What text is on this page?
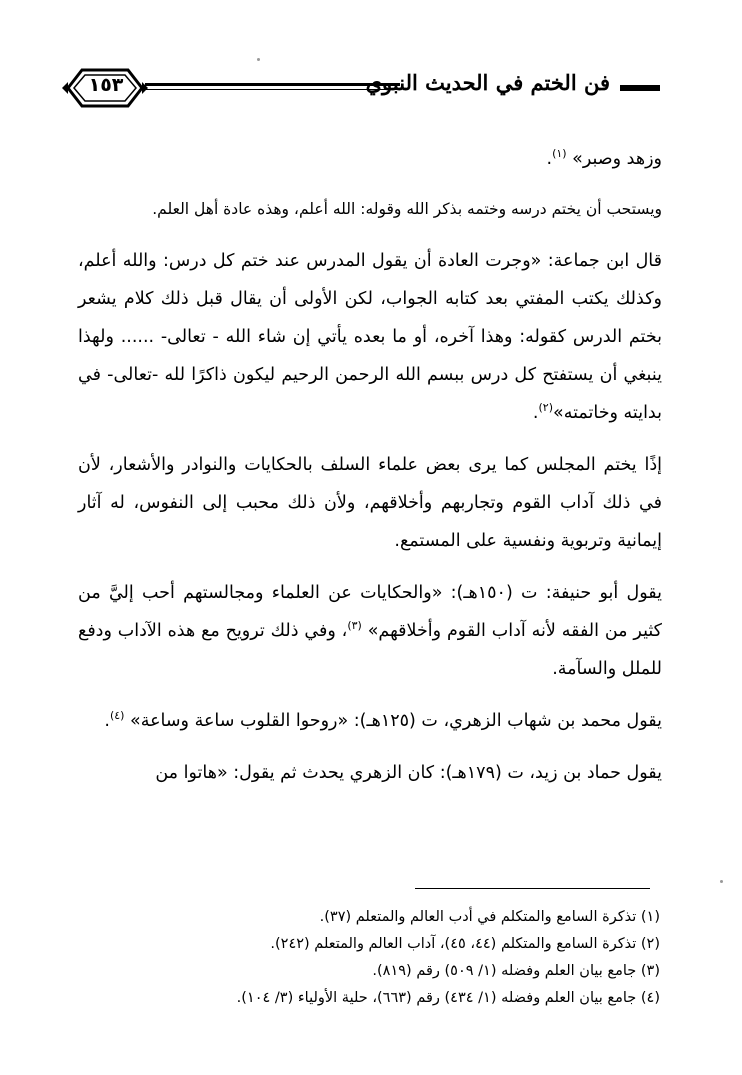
١٥٣	فن الختم في الحديث النبوي

وزهد وصبر» $^{(١)}$.

ويستحب أن يختم درسه وختمه بذكر الله وقوله: الله أعلم، وهذه عادة أهل العلم.

قال ابن جماعة: «وجرت العادة أن يقول المدرس عند ختم كل درس: والله أعلم، وكذلك يكتب المفتي بعد كتابه الجواب، لكن الأولى أن يقال قبل ذلك كلام يشعر بختم الدرس كقوله: وهذا آخره، أو ما بعده يأتي إن شاء الله - تعالى- ...... ولهذا ينبغي أن يستفتح كل درس ببسم الله الرحمن الرحيم ليكون ذاكرًا لله -تعالى- في بدايته وخاتمته»$^{(٢)}$.

إذًا يختم المجلس كما يرى بعض علماء السلف بالحكايات والنوادر والأشعار، لأن في ذلك آداب القوم وتجاربهم وأخلاقهم، ولأن ذلك محبب إلى النفوس، له آثار إيمانية وتربوية ونفسية على المستمع.

يقول أبو حنيفة: ت (١٥٠هـ): «والحكايات عن العلماء ومجالستهم أحب إليَّ من كثير من الفقه لأنه آداب القوم وأخلاقهم» $^{(٣)}$، وفي ذلك ترويح مع هذه الآداب ودفع للملل والسآمة.

يقول محمد بن شهاب الزهري، ت (١٢٥هـ): «روحوا القلوب ساعة وساعة» $^{(٤)}$.

يقول حماد بن زيد، ت (١٧٩هـ): كان الزهري يحدث ثم يقول: «هاتوا من

(١) تذكرة السامع والمتكلم في أدب العالم والمتعلم (٣٧).

(٢) تذكرة السامع والمتكلم (٤٤، ٤٥)، آداب العالم والمتعلم (٢٤٢).

(٣) جامع بيان العلم وفضله (١/ ٥٠٩) رقم (٨١٩).

(٤) جامع بيان العلم وفضله (١/ ٤٣٤) رقم (٦٦٣)، حلية الأولياء (٣/ ١٠٤).
